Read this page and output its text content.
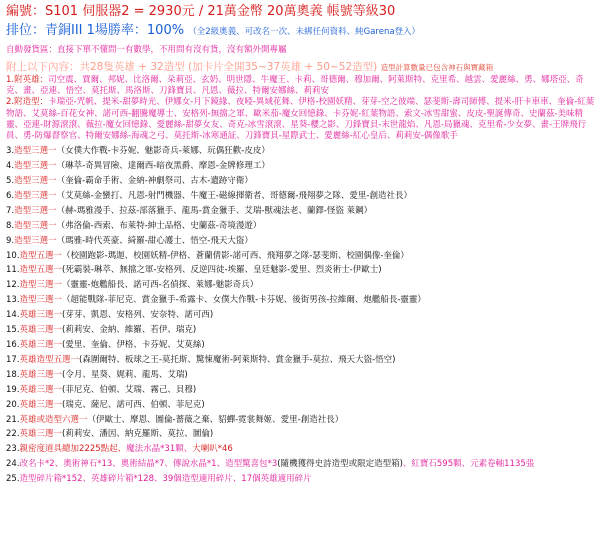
編號：S101 伺服器2 = 2930元 / 21萬金幣 20萬奧義 帳號等級30
排位：青銅III 1場勝率：100% （全2級奧義、可改名一次、未綁任何資料、純Garena登入）
自動發貨區：直接下單不懂問一有數學，不用問有沒有貨，沒有額外開專屬
附上以下內容：共28隻英雄 + 32造型 (加卡片全開35~37英雄 + 50~52造型) 造型計算數量已包含神石與寶藏箱

1.附英雄：司空震、賈爾、邦妮、比洛爾、朵莉亞、玄奶、明世隱、牛魔王、卡莉、哥德爾、穆加爾、阿萊斯特、克里希、越雲、愛麗絲、勇、娜塔亞、奇克、畫、亞連、悟空、莫托斯、馬洛斯、刀鋒寶貝、凡恩、薇拉、特爾安娜絲、莉莉安

2.附造型：卡瑞亞-咒帆、提米-甜夢時光、伊娜女-月下鏡緣、夜啞-異域花舞、伊格-校園妖精、芽芽-空之彼端、瑟斐斯-壽司師傅、提米-肝卡車車、奎倫-紅葉物語、艾莫絲-百花女神、諾可西-翻騰魔導士、安格列-無擋之軍、歐米茄-魔女回憶錄、卡芬妮-紅葉物語、索文-冰雪甜蜜、皮皮-聖誕傳奇、史蘭茲-美味精靈、亞連-財源滾滾、薇拉-魔女回憶錄、愛麗絲-甜夢女友、奇克-冰雪滾滾、星葵-櫻之影、刀鋒寶貝-末世龍焰、凡恩-局獵魂、克里希-少女夢、畫-王牌飛行員、勇-防爆督察官、特爾安娜絲-海魂之弓、莫托斯-冰寒通証、刀鋒寶貝-星際武士、愛麗絲-紅心皇后、莉莉安-偶像歌手

3.造型三選一（女僕大作戰-卡芬妮、魅影奇兵-萊娜、玩偶狂歡-皮皮）
4.造型三選一（琳萃-奇異冒險、達爾西-暗夜黑爵、摩恩-金牌修理工）
5.造型三選一（奎倫-霸命手術、金納-神劇祭司、古木-遺跡守衛）
6.造型三選一（艾莫絲-金蠻打、凡恩-射門機器、牛魔王-磁線揮衛者、哥德爾-飛翔夢之隊、愛里-創造社長）
7.造型三選一（赫-瑪雅漫手、拉茲-部落獵手、龍馬-賞金獵手、艾瑞-獸魂法老、蘭鐸-怪盜 萊鋼）
8.造型三選一（弗洛倫-西索、布萊特-紳士品格、史蘭茲-奇境漫遊）
9.造型三選一（瑪雅-時代英豪、綺羅-甜心護士、悟空-飛天大盜）
10.造型五選一（校園跑影-瑪迦、校園妖精-伊格、蒼蘭倩影-諾可西、飛翔夢之隊-瑟斐斯、校園偶像-奎倫）
11.造型五選一(死霸裝-琳萃、無擋之軍-安格列、反逆四徒-埃羅、皇廷魅影-愛里、烈炎術士-伊歐士)
12.造型三選一（靈靈-炮艦船長、諾可西-名偵探、萊娜-魅影奇兵）
13.造型三選一（超能戰隊-菲尼克、賞金獵手-希露卡、女僕大作戰-卡芬妮、後街男孩-拉維爾、炮艦船長-靈靈）
14.英雄三選一(芽芽、凱恩、安格列、安奈特、諾可西)
15.英雄三選一(莉莉安、金納、維羅、若伊、瑞克)
16.英雄三選一(愛里、奎倫、伊格、卡芬妮、艾莫絲)
17.英雄造型五選一(森圍爾特、板球之王-莫托斯、驚悚魔術-阿萊斯特、賞金獵手-莫拉、飛天大盜-悟空)
18.英雄三選一(令月、星葵、娓莉、龍馬、艾瑞)
19.英雄三選一(菲尼克、伯頓、艾瑞、霧己、貝穆)
20.英雄三選一(瑞克、薩尼、諾可西、伯頓、菲尼克)
21.英雄或造型六選一（伊歐士、摩恩、圖倫-薔薇之棄、貂蟬-霓裳舞姬、愛里-創造社長）
22.英雄三選一(莉莉安、潘因、納克羅斯、莫拉、圖倫)
23.親密度道具總加2225點起、魔法水晶*31顆、大喇叭*46
24.改名卡*2、奧術神石*13、奧術結晶*7、傳說水晶*1、造型驚喜包*3(隨機獲得史詩造型或限定造型箱)、紅寶石595顆、元素卷軸1135張
25.造型碎片箱*152、英雄碎片箱*128、39個造型適用碎片、17個英雄適用碎片
